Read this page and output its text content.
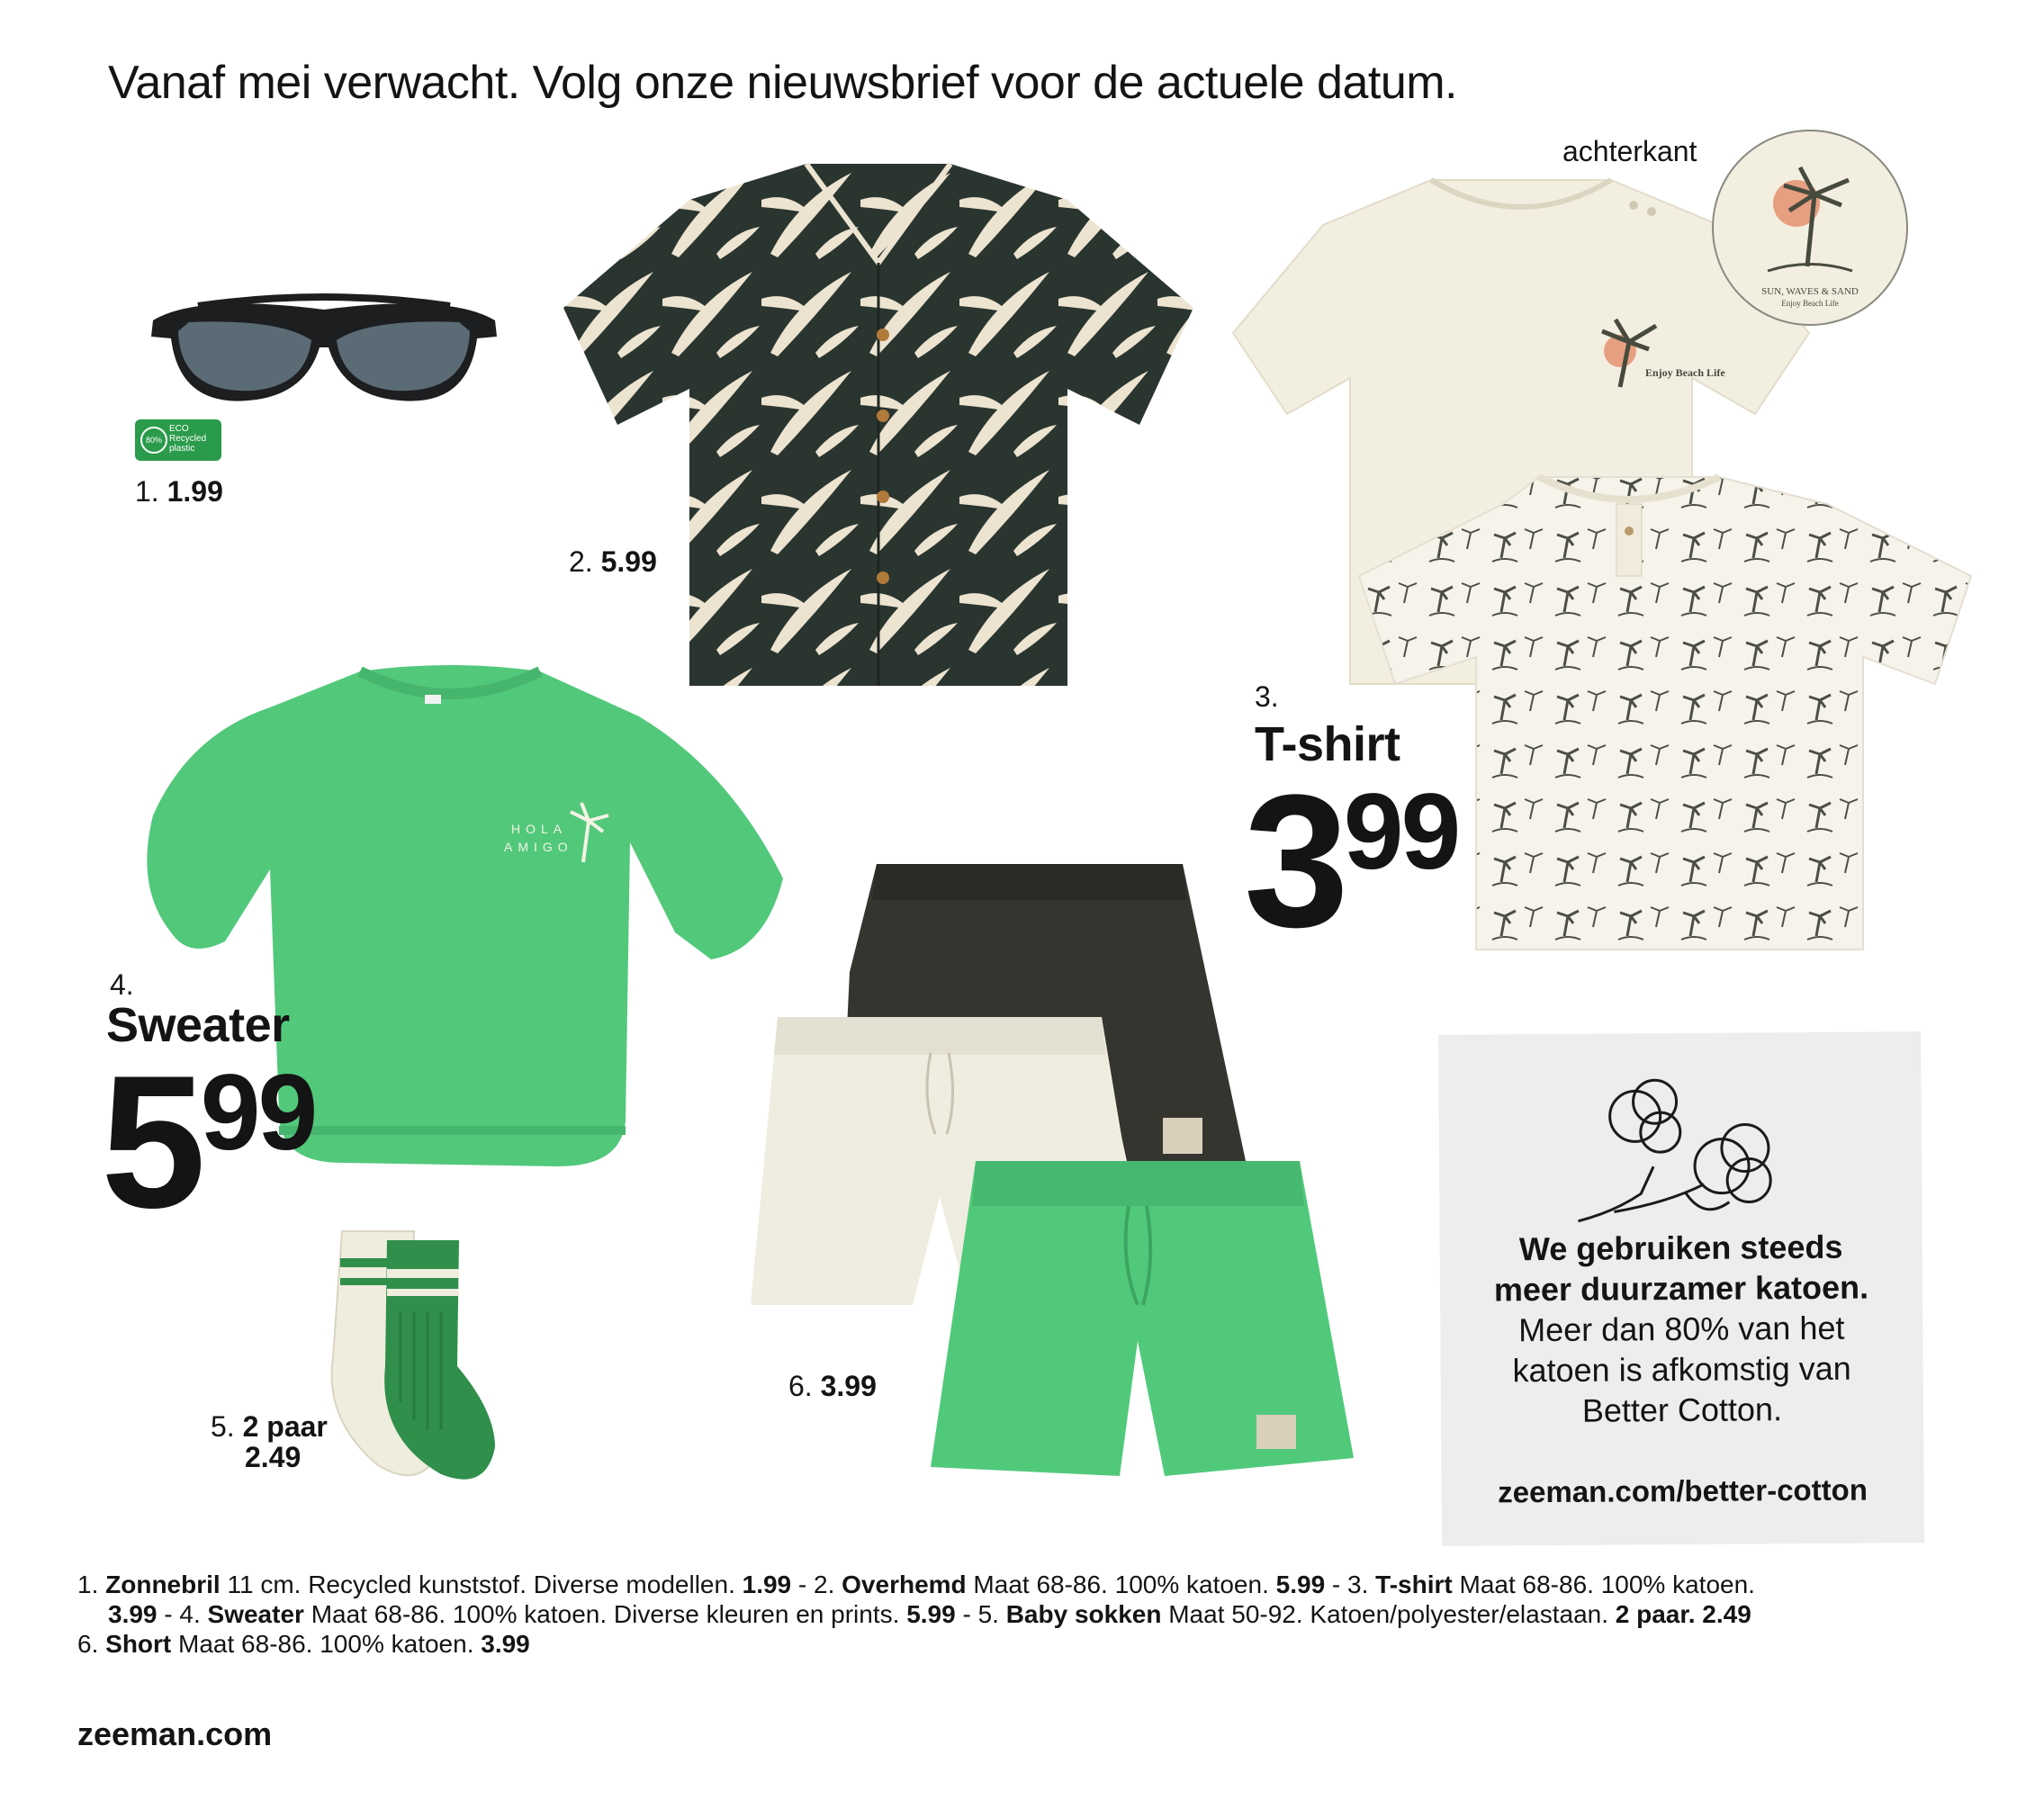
Vanaf mei verwacht. Volg onze nieuwsbrief voor de actuele datum.
80%
ECO
Recycled
plastic
1. 1.99
2. 5.99
achterkant
Enjoy Beach Life
SUN, WAVES & SAND
Enjoy Beach Life
3.
T-shirt
399
HOLA
AMIGO
4.
Sweater
599
5. 2 paar
2.49
6. 3.99
We gebruiken steeds
meer duurzamer katoen.
Meer dan 80% van het
katoen is afkomstig van
Better Cotton.
zeeman.com/better-cotton
1. Zonnebril 11 cm. Recycled kunststof. Diverse modellen. 1.99 - 2. Overhemd Maat 68-86. 100% katoen. 5.99 - 3. T-shirt Maat 68-86. 100% katoen.
3.99 - 4. Sweater Maat 68-86. 100% katoen. Diverse kleuren en prints. 5.99 - 5. Baby sokken Maat 50-92. Katoen/polyester/elastaan. 2 paar. 2.49
6. Short Maat 68-86. 100% katoen. 3.99
zeeman.com
